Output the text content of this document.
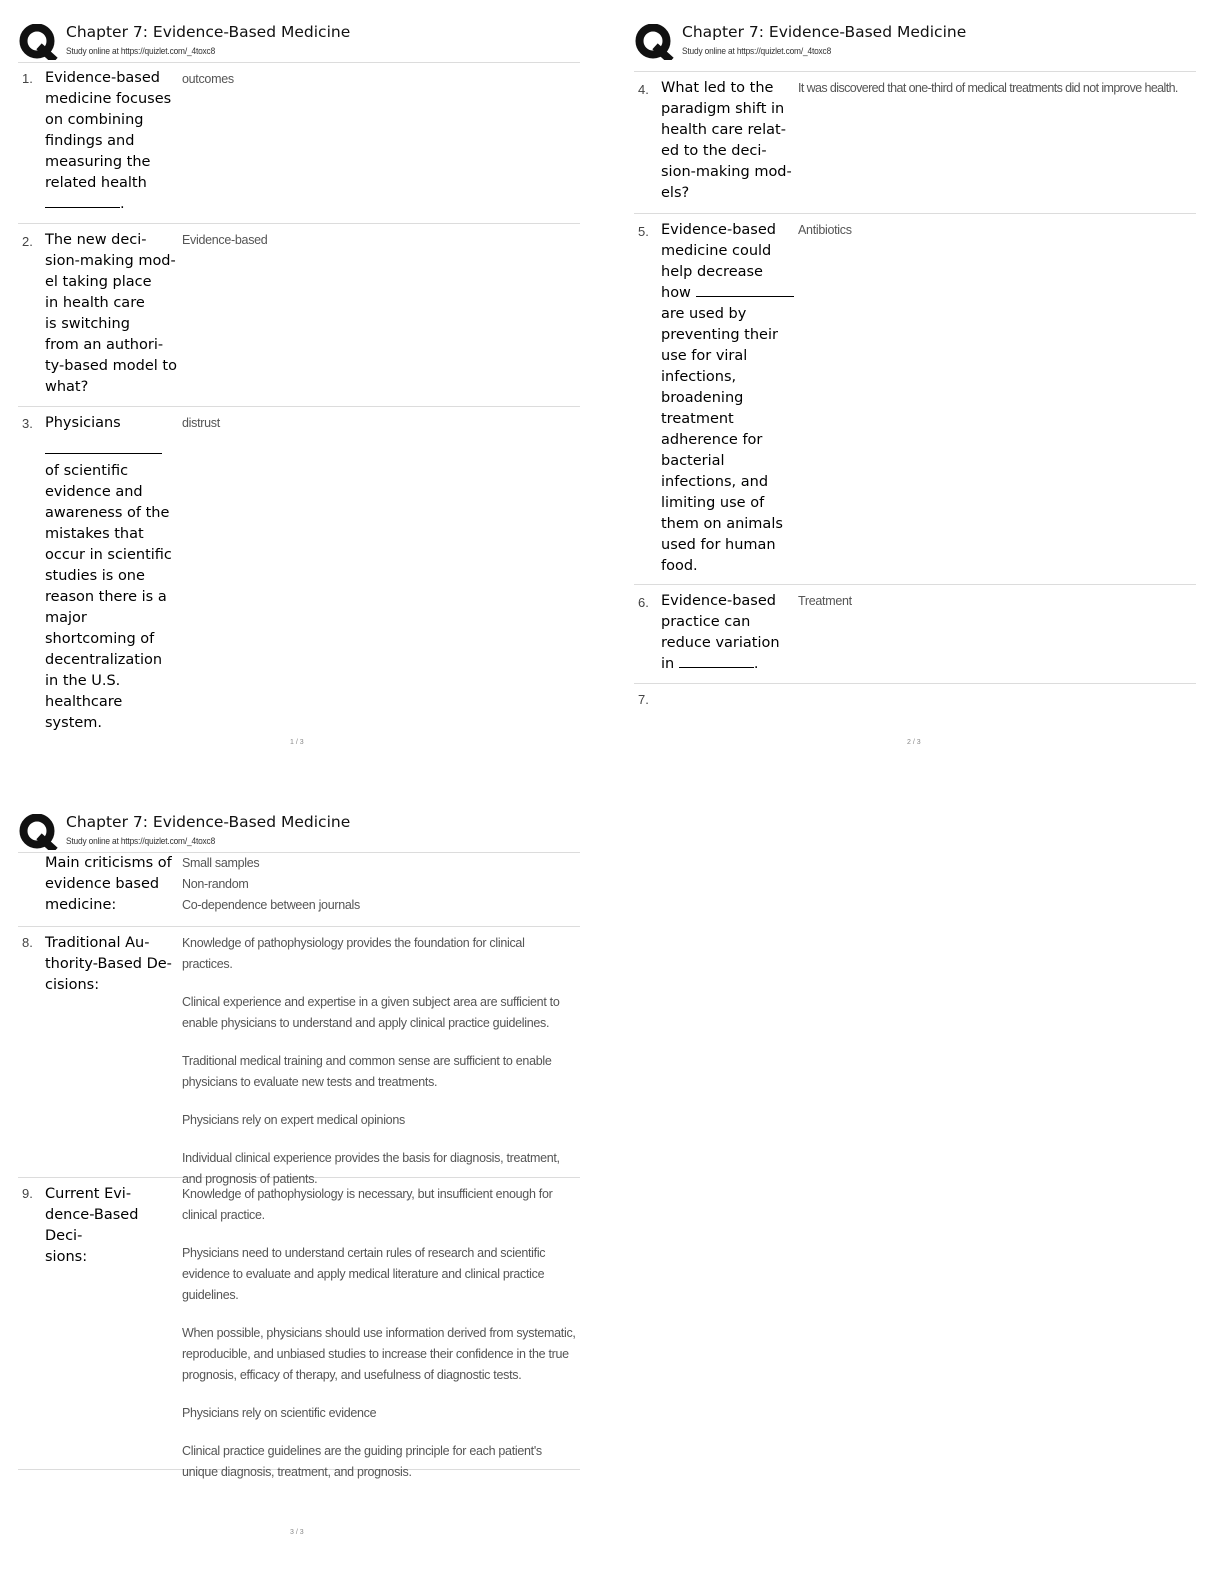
Chapter 7: Evidence-Based Medicine
Study online at https://quizlet.com/_4toxc8
1. Evidence-based
medicine focuses
on combining
findings and
measuring the
related health
.
outcomes
2. The new deci-
sion-making mod-
el taking place
in health care
is switching
from an authori-
ty-based model to
what?
Evidence-based
3. Physicians
of scientific
evidence and
awareness of the
mistakes that
occur in scientific
studies is one
reason there is a
major
shortcoming of
decentralization
in the U.S.
healthcare
system.
distrust
1 / 3
Chapter 7: Evidence-Based Medicine
Study online at https://quizlet.com/_4toxc8
4. What led to the
paradigm shift in
health care relat-
ed to the deci-
sion-making mod-
els?
It was discovered that one-third of medical treatments did not improve health.
5. Evidence-based
medicine could
help decrease
how
are used by
preventing their
use for viral
infections,
broadening
treatment
adherence for
bacterial
infections, and
limiting use of
them on animals
used for human
food.
Antibiotics
6. Evidence-based
practice can
reduce variation
in	.
Treatment
7.
2 / 3
Chapter 7: Evidence-Based Medicine
Study online at https://quizlet.com/_4toxc8
Main criticisms of
evidence based
medicine:
Small samples
Non-random
Co-dependence between journals
8. Traditional Au-
thority-Based De-
cisions:

Knowledge of pathophysiology provides the foundation for clinical practices.

Clinical experience and expertise in a given subject area are sufficient to enable physicians to understand and apply clinical practice guidelines.

Traditional medical training and common sense are sufficient to enable physicians to evaluate new tests and treatments.

Physicians rely on expert medical opinions

Individual clinical experience provides the basis for diagnosis, treatment, and prognosis of patients.

9. Current Evi-
dence-Based Deci-
sions:

Knowledge of pathophysiology is necessary, but insufficient enough for clinical practice.

Physicians need to understand certain rules of research and scientific evidence to evaluate and apply medical literature and clinical practice guidelines.

When possible, physicians should use information derived from systematic, reproducible, and unbiased studies to increase their confidence in the true prognosis, efficacy of therapy, and usefulness of diagnostic tests.

Physicians rely on scientific evidence

Clinical practice guidelines are the guiding principle for each patient's unique diagnosis, treatment, and prognosis.

3 / 3
